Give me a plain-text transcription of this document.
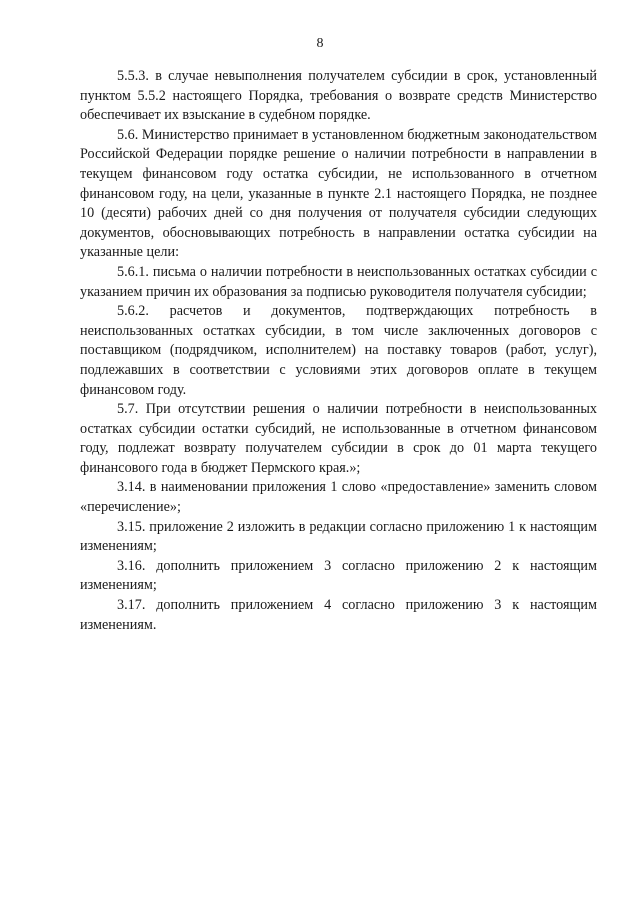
8

5.5.3. в случае невыполнения получателем субсидии в срок, установленный пунктом 5.5.2 настоящего Порядка, требования о возврате средств Министерство обеспечивает их взыскание в судебном порядке.

5.6. Министерство принимает в установленном бюджетным законодательством Российской Федерации порядке решение о наличии потребности в направлении в текущем финансовом году остатка субсидии, не использованного в отчетном финансовом году, на цели, указанные в пункте 2.1 настоящего Порядка, не позднее 10 (десяти) рабочих дней со дня получения от получателя субсидии следующих документов, обосновывающих потребность в направлении остатка субсидии на указанные цели:

5.6.1. письма о наличии потребности в неиспользованных остатках субсидии с указанием причин их образования за подписью руководителя получателя субсидии;

5.6.2. расчетов и документов, подтверждающих потребность в неиспользованных остатках субсидии, в том числе заключенных договоров с поставщиком (подрядчиком, исполнителем) на поставку товаров (работ, услуг), подлежавших в соответствии с условиями этих договоров оплате в текущем финансовом году.

5.7. При отсутствии решения о наличии потребности в неиспользованных остатках субсидии остатки субсидий, не использованные в отчетном финансовом году, подлежат возврату получателем субсидии в срок до 01 марта текущего финансового года в бюджет Пермского края.»;

3.14. в наименовании приложения 1 слово «предоставление» заменить словом «перечисление»;

3.15. приложение 2 изложить в редакции согласно приложению 1 к настоящим изменениям;

3.16. дополнить приложением 3 согласно приложению 2 к настоящим изменениям;

3.17. дополнить приложением 4 согласно приложению 3 к настоящим изменениям.
